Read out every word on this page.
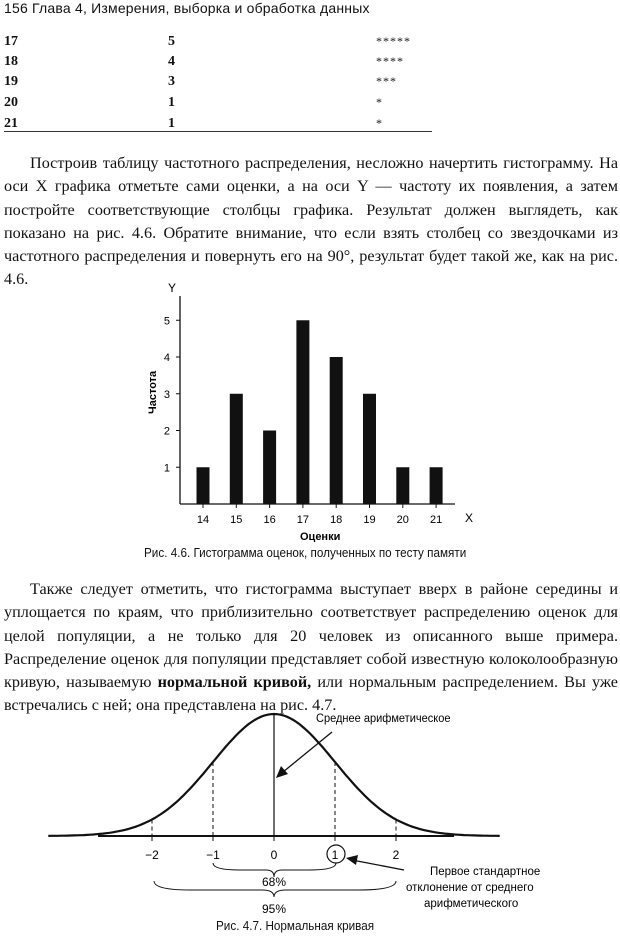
156 Глава 4, Измерения, выборка и обработка данных
17	5	*****
18	4	****
19	3	***
20	1	*
21	1	*

Построив таблицу частотного распределения, несложно начертить гистограмму. На оси X графика отметьте сами оценки, а на оси Y — частоту их появления, а затем постройте соответствующие столбцы графика. Результат должен выглядеть, как показано на рис. 4.6. Обратите внимание, что если взять столбец со звездочками из частотного распределения и повернуть его на 90°, результат будет такой же, как на рис. 4.6.

1
2
3
4
5
14 15 16 17 18 19 20 21
Y
X
Частота
Оценки
Рис. 4.6. Гистограмма оценок, полученных по тесту памяти

Также следует отметить, что гистограмма выступает вверх в районе середины и уплощается по краям, что приблизительно соответствует распределению оценок для целой популяции, а не только для 20 человек из описанного выше примера. Распределение оценок для популяции представляет собой известную колоколообразную кривую, называемую нормальной кривой, или нормальным распределением. Вы уже встречались с ней; она представлена на рис. 4.7.

−2	−1	0	1	2
68%
95%
Среднее арифметическое
Первое стандартное
отклонение от среднего
арифметического
Рис. 4.7. Нормальная кривая
